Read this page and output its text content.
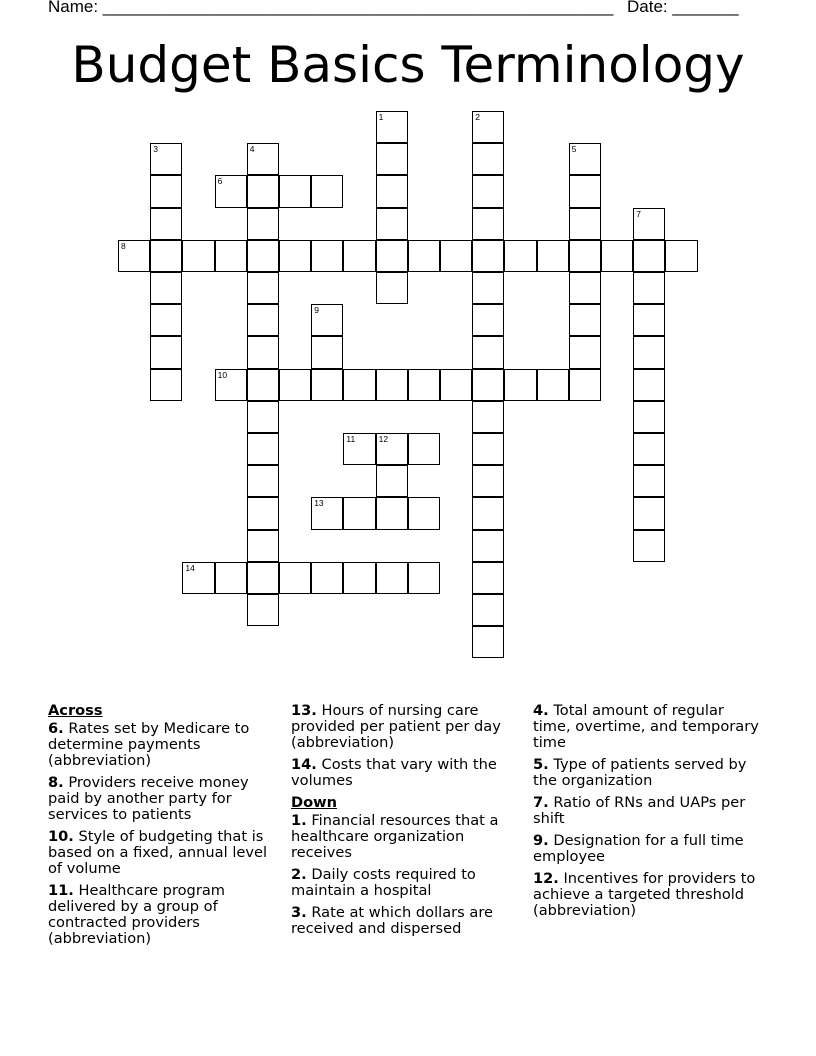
Name: ______________________________________________________ Date: _______
Budget Basics Terminology
1	2
3	4	5
6
7
8
9
10
11	12
13
14
Across
6. Rates set by Medicare to determine payments (abbreviation)
8. Providers receive money paid by another party for services to patients
10. Style of budgeting that is based on a fixed, annual level of volume
11. Healthcare program delivered by a group of contracted providers (abbreviation)
13. Hours of nursing care provided per patient per day (abbreviation)
14. Costs that vary with the volumes
Down
1. Financial resources that a healthcare organization receives
2. Daily costs required to maintain a hospital
3. Rate at which dollars are received and dispersed
4. Total amount of regular time, overtime, and temporary time
5. Type of patients served by the organization
7. Ratio of RNs and UAPs per shift
9. Designation for a full time employee
12. Incentives for providers to achieve a targeted threshold (abbreviation)
